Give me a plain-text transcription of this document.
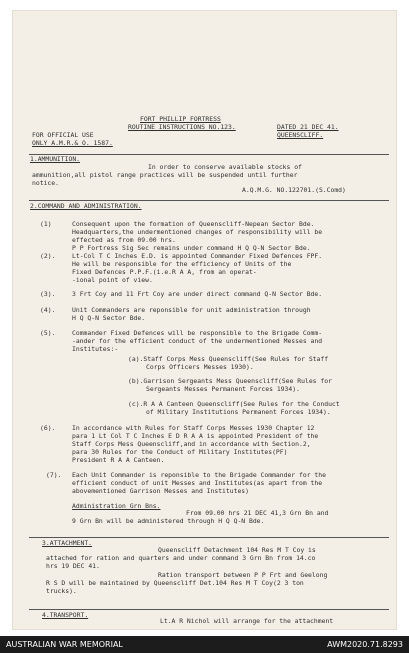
FORT PHILLIP FORTRESS
ROUTINE INSTRUCTIONS NO.123.	DATED 21 DEC 41.
QUEENSCLIFF.
FOR OFFICIAL USE
ONLY A.M.R.& O. 1587.
1.AMMUNITION.
In order to conserve available stocks of
ammunition,all pistol range practices will be suspended until further
notice.
A.Q.M.G. NO.122701.(S.Comd)
2.COMMAND AND ADMINISTRATION.
(1)	Consequent upon the formation of Queenscliff-Nepean Sector Bde.
Headquarters,the undermentioned changes of responsibility will be
effected as from 09.00 hrs.
P P Fortress Sig Sec remains under command H Q Q-N Sector Bde.
(2).	Lt-Col T C Inches E.D. is appointed Commander Fixed Defences FPF.
He will be responsible for the efficiency of Units of the
Fixed Defences P.P.F.(i.e.R A A, from an operat-
-ional point of view.
(3).	3 Frt Coy and 11 Frt Coy are under direct command Q-N Sector Bde.
(4).	Unit Commanders are reponsible for unit administration through
H Q Q-N Sector Bde.
(5).	Commander Fixed Defences will be responsible to the Brigade Comm-
-ander for the efficient conduct of the undermentioned Messes and
Institutes:-
(a).Staff Corps Mess Queenscliff(See Rules for Staff
Corps Officers Messes 1930).
(b).Garrison Sergeants Mess Queenscliff(See Rules for
Sergeants Messes Permanent Forces 1934).
(c).R A A Canteen Queenscliff(See Rules for the Conduct
of Military Institutions Permanent Forces 1934).
(6).	In accordance with Rules for Staff Corps Messes 1930 Chapter 12
para 1 Lt Col T C Inches E D R A A is appointed President of the
Staff Corps Mess Queenscliff,and in accordance with Section.2,
para 30 Rules for the Conduct of Military Institutes(PF)
President R A A Canteen.
(7). Each Unit Commander is reponsible to the Brigade Commander for the
efficient conduct of unit Messes and Institutes(as apart from the
abovementioned Garrison Messes and Institutes)
Administration Grn Bns.
From 09.00 hrs 21 DEC 41,3 Grn Bn and
9 Grn Bn will be administered through H Q Q-N Bde.
3.ATTACHMENT.
Queenscliff Detachment 104 Res M T Coy is
attached for ration and quarters and under command 3 Grn Bn from 14.co
hrs 19 DEC 41.
Ration transport between P P Frt and Geelong
R S D will be maintained by Queenscliff Det.104 Res M T Coy(2 3 ton
trucks).
4.TRANSPORT.
Lt.A R Nichol will arrange for the attachment
AUSTRALIAN WAR MEMORIAL	AWM2020.71.8293
